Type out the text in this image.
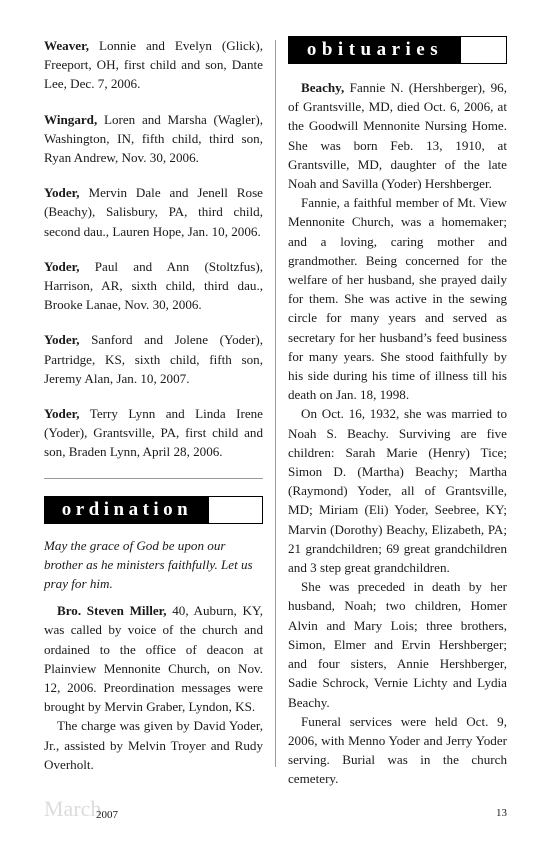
Weaver, Lonnie and Evelyn (Glick), Freeport, OH, first child and son, Dante Lee, Dec. 7, 2006.
Wingard, Loren and Marsha (Wagler), Washington, IN, fifth child, third son, Ryan Andrew, Nov. 30, 2006.
Yoder, Mervin Dale and Jenell Rose (Beachy), Salisbury, PA, third child, second dau., Lauren Hope, Jan. 10, 2006.
Yoder, Paul and Ann (Stoltzfus), Harrison, AR, sixth child, third dau., Brooke Lanae, Nov. 30, 2006.
Yoder, Sanford and Jolene (Yoder), Partridge, KS, sixth child, fifth son, Jeremy Alan, Jan. 10, 2007.
Yoder, Terry Lynn and Linda Irene (Yoder), Grantsville, PA, first child and son, Braden Lynn, April 28, 2006.
ordination
May the grace of God be upon our brother as he ministers faithfully. Let us pray for him.

Bro. Steven Miller, 40, Auburn, KY, was called by voice of the church and ordained to the office of deacon at Plainview Mennonite Church, on Nov. 12, 2006. Preordination messages were brought by Mervin Graber, Lyndon, KS.

The charge was given by David Yoder, Jr., assisted by Melvin Troyer and Rudy Overholt.

obituaries

Beachy, Fannie N. (Hershberger), 96, of Grantsville, MD, died Oct. 6, 2006, at the Goodwill Mennonite Nursing Home. She was born Feb. 13, 1910, at Grantsville, MD, daughter of the late Noah and Savilla (Yoder) Hershberger.

Fannie, a faithful member of Mt. View Mennonite Church, was a homemaker; and a loving, caring mother and grandmother. Being concerned for the welfare of her husband, she prayed daily for them. She was active in the sewing circle for many years and served as secretary for her husband’s feed business for many years. She stood faithfully by his side during his time of illness till his death on Jan. 18, 1998.

On Oct. 16, 1932, she was married to Noah S. Beachy. Surviving are five children: Sarah Marie (Henry) Tice; Simon D. (Martha) Beachy; Martha (Raymond) Yoder, all of Grantsville, MD; Miriam (Eli) Yoder, Seebree, KY; Marvin (Dorothy) Beachy, Elizabeth, PA; 21 grandchildren; 69 great grandchildren and 3 step great grandchildren.

She was preceded in death by her husband, Noah; two children, Homer Alvin and Mary Lois; three brothers, Simon, Elmer and Ervin Hershberger; and four sisters, Annie Hershberger, Sadie Schrock, Vernie Lichty and Lydia Beachy.

Funeral services were held Oct. 9, 2006, with Menno Yoder and Jerry Yoder serving. Burial was in the church cemetery.

March
2007	13
